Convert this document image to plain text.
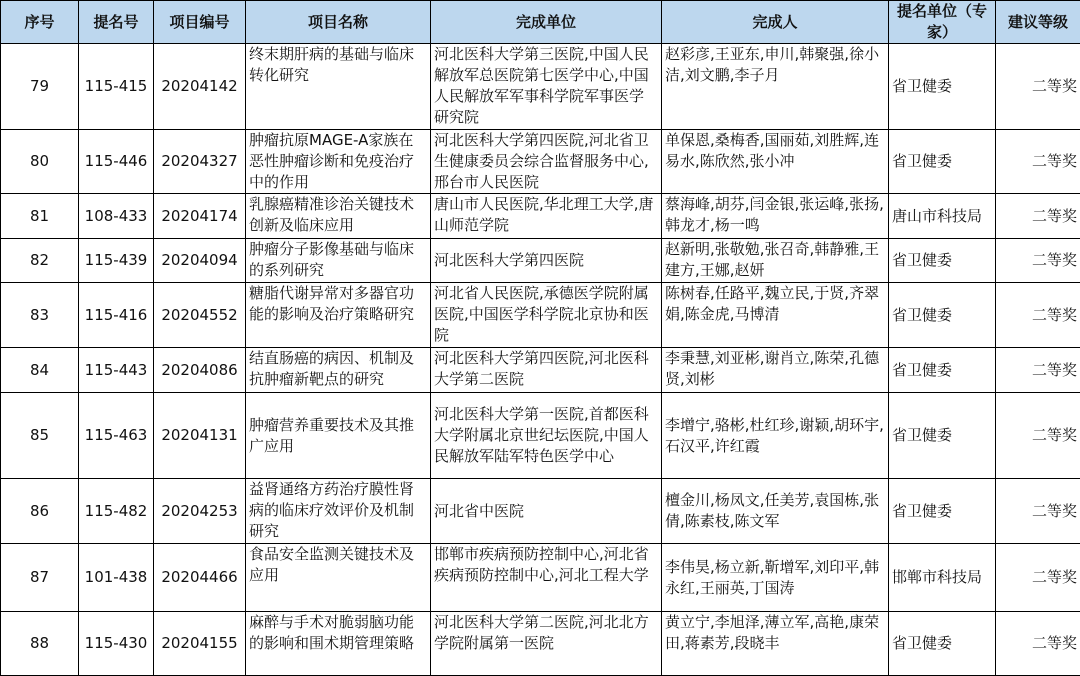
序号	提名号	项目编号	项目名称	完成单位	完成人	提名单位（专家）	建议等级
79	115-415	20204142	终末期肝病的基础与临床转化研究	河北医科大学第三医院,中国人民解放军总医院第七医学中心,中国人民解放军军事科学院军事医学研究院	赵彩彦,王亚东,申川,韩聚强,徐小洁,刘文鹏,李子月	省卫健委	二等奖
80	115-446	20204327	肿瘤抗原MAGE-A家族在恶性肿瘤诊断和免疫治疗中的作用	河北医科大学第四医院,河北省卫生健康委员会综合监督服务中心,邢台市人民医院	单保恩,桑梅香,国丽茹,刘胜辉,连易水,陈欣然,张小冲	省卫健委	二等奖
81	108-433	20204174	乳腺癌精准诊治关键技术创新及临床应用	唐山市人民医院,华北理工大学,唐山师范学院	蔡海峰,胡芬,闫金银,张运峰,张扬,韩龙才,杨一鸣	唐山市科技局	二等奖
82	115-439	20204094	肿瘤分子影像基础与临床的系列研究	河北医科大学第四医院	赵新明,张敬勉,张召奇,韩静雅,王建方,王娜,赵妍	省卫健委	二等奖
83	115-416	20204552	糖脂代谢异常对多器官功能的影响及治疗策略研究	河北省人民医院,承德医学院附属医院,中国医学科学院北京协和医院	陈树春,任路平,魏立民,于贤,齐翠娟,陈金虎,马博清	省卫健委	二等奖
84	115-443	20204086	结直肠癌的病因、机制及抗肿瘤新靶点的研究	河北医科大学第四医院,河北医科大学第二医院	李秉慧,刘亚彬,谢肖立,陈荣,孔德贤,刘彬	省卫健委	二等奖
85	115-463	20204131	肿瘤营养重要技术及其推广应用	河北医科大学第一医院,首都医科大学附属北京世纪坛医院,中国人民解放军陆军特色医学中心	李增宁,骆彬,杜红珍,谢颖,胡环宇,石汉平,许红霞	省卫健委	二等奖
86	115-482	20204253	益肾通络方药治疗膜性肾病的临床疗效评价及机制研究	河北省中医院	檀金川,杨凤文,任美芳,袁国栋,张倩,陈素枝,陈文军	省卫健委	二等奖
87	101-438	20204466	食品安全监测关键技术及应用	邯郸市疾病预防控制中心,河北省疾病预防控制中心,河北工程大学	李伟昊,杨立新,靳增军,刘印平,韩永红,王丽英,丁国涛	邯郸市科技局	二等奖
88	115-430	20204155	麻醉与手术对脆弱脑功能的影响和围术期管理策略	河北医科大学第二医院,河北北方学院附属第一医院	黄立宁,李旭泽,薄立军,高艳,康荣田,蒋素芳,段晓丰	省卫健委	二等奖
